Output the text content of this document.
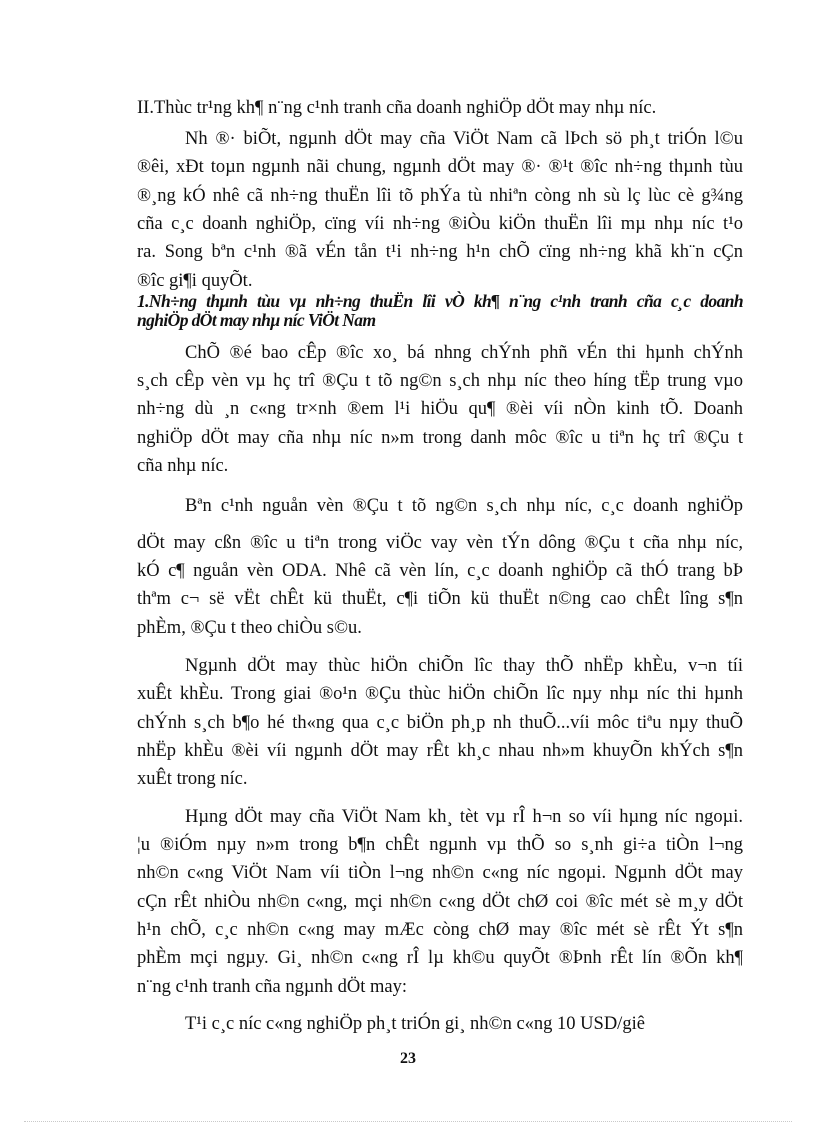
II.Thùc tr¹ng kh¶ n¨ng c¹nh tranh cña doanh nghiÖp dÖt may nhµ níc.
Nh ®· biÕt, ngµnh dÖt may cña ViÖt Nam cã lÞch sö ph¸t triÓn l©u
®êi, xÐt toµn ngµnh nãi chung, ngµnh dÖt may ®· ®¹t ®îc nh÷ng thµnh tùu
®¸ng kÓ nhê cã nh÷ng thuËn lîi tõ phÝa tù nhiªn còng nh sù lç lùc cè g¾ng
cña c¸c doanh nghiÖp, cïng víi nh÷ng ®iÒu kiÖn thuËn lîi mµ nhµ níc t¹o
ra. Song bªn c¹nh ®ã vÉn tån t¹i nh÷ng h¹n chÕ cïng nh÷ng khã kh¨n cÇn
®îc gi¶i quyÕt.
1.Nh÷ng thµnh tùu vµ nh÷ng thuËn lîi vÒ kh¶ n¨ng c¹nh tranh cña c¸c doanh
nghiÖp dÖt may nhµ níc ViÖt Nam
ChÕ ®é bao cÊp ®îc xo¸ bá nhng chÝnh phñ vÉn thi hµnh chÝnh
s¸ch cÊp vèn vµ hç trî ®Çu t tõ ng©n s¸ch nhµ níc theo híng tËp trung vµo
nh÷ng dù ¸n c«ng tr×nh ®em l¹i hiÖu qu¶ ®èi víi nÒn kinh tÕ. Doanh
nghiÖp dÖt may cña nhµ níc n»m trong danh môc ®îc u tiªn hç trî ®Çu t
cña nhµ níc.
Bªn c¹nh nguån vèn ®Çu t tõ ng©n s¸ch nhµ níc, c¸c doanh nghiÖp
dÖt may cßn ®îc u tiªn trong viÖc vay vèn tÝn dông ®Çu t cña nhµ níc,
kÓ c¶ nguån vèn ODA. Nhê cã vèn lín, c¸c doanh nghiÖp cã thÓ trang bÞ
thªm c¬ së vËt chÊt kü thuËt, c¶i tiÕn kü thuËt n©ng cao chÊt lîng s¶n
phÈm, ®Çu t theo chiÒu s©u.
Ngµnh dÖt may thùc hiÖn chiÕn lîc thay thÕ nhËp khÈu, v¬n tíi
xuÊt khÈu. Trong giai ®o¹n ®Çu thùc hiÖn chiÕn lîc nµy nhµ níc thi hµnh
chÝnh s¸ch b¶o hé th«ng qua c¸c biÖn ph¸p nh thuÕ...víi môc tiªu nµy thuÕ
nhËp khÈu ®èi víi ngµnh dÖt may rÊt kh¸c nhau nh»m khuyÕn khÝch s¶n
xuÊt trong níc.
Hµng dÖt may cña ViÖt Nam kh¸ tèt vµ rÎ h¬n so víi hµng níc ngoµi.
¦u ®iÓm nµy n»m trong b¶n chÊt ngµnh vµ thÕ so s¸nh gi÷a tiÒn l¬ng
nh©n c«ng ViÖt Nam víi tiÒn l¬ng nh©n c«ng níc ngoµi. Ngµnh dÖt may
cÇn rÊt nhiÒu nh©n c«ng, mçi nh©n c«ng dÖt chØ coi ®îc mét sè m¸y dÖt
h¹n chÕ, c¸c nh©n c«ng may mÆc còng chØ may ®îc mét sè rÊt Ýt s¶n
phÈm mçi ngµy. Gi¸ nh©n c«ng rÎ lµ kh©u quyÕt ®Þnh rÊt lín ®Õn kh¶
n¨ng c¹nh tranh cña ngµnh dÖt may:
T¹i c¸c níc c«ng nghiÖp ph¸t triÓn gi¸ nh©n c«ng 10 USD/giê
23
